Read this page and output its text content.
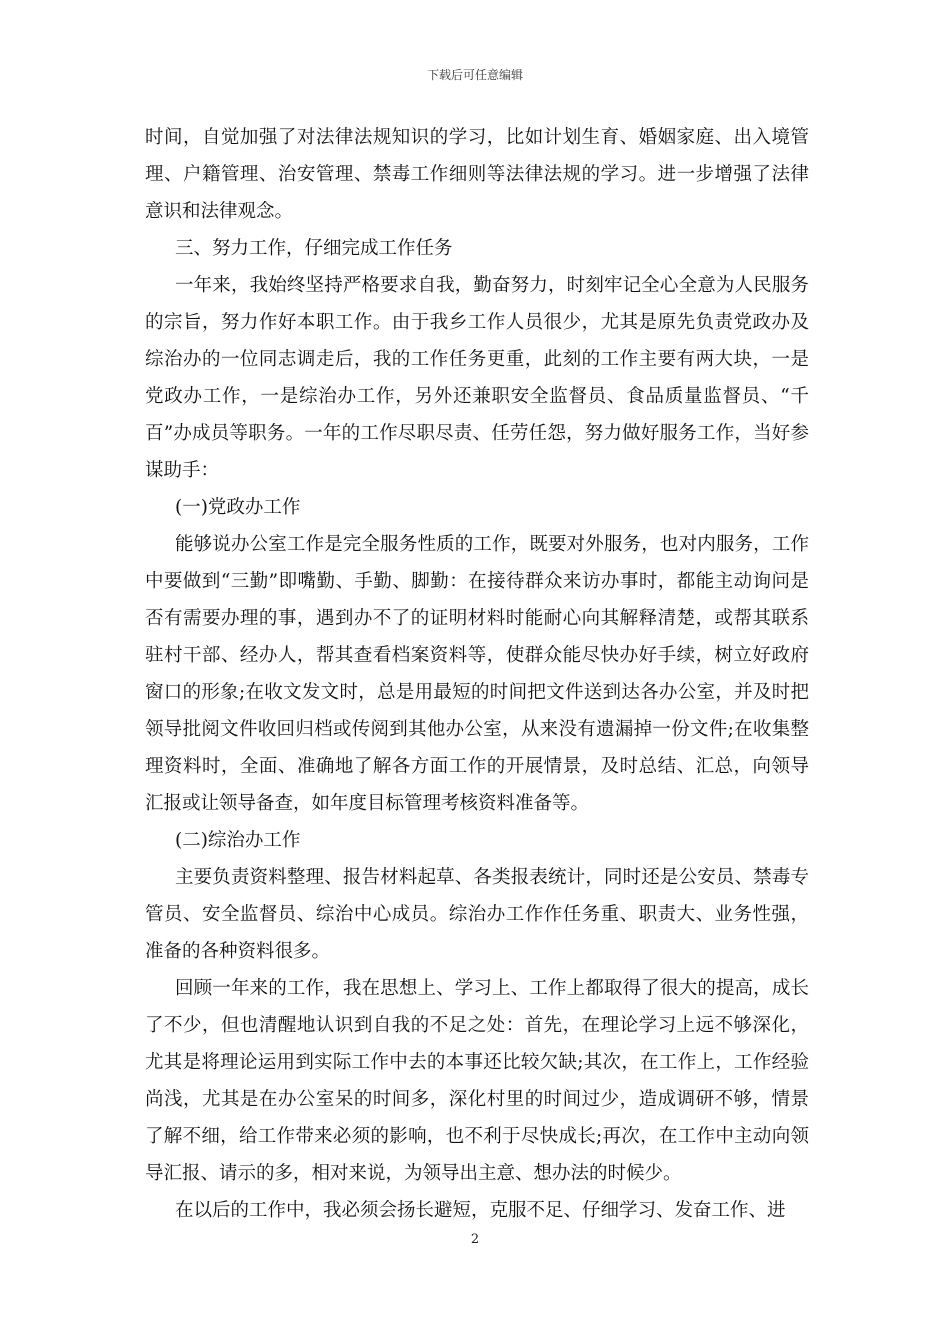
下载后可任意编辑

时间，自觉加强了对法律法规知识的学习，比如计划生育、婚姻家庭、出入境管理、户籍管理、治安管理、禁毒工作细则等法律法规的学习。进一步增强了法律意识和法律观念。

三、努力工作，仔细完成工作任务

一年来，我始终坚持严格要求自我，勤奋努力，时刻牢记全心全意为人民服务的宗旨，努力作好本职工作。由于我乡工作人员很少，尤其是原先负责党政办及综治办的一位同志调走后，我的工作任务更重，此刻的工作主要有两大块，一是党政办工作，一是综治办工作，另外还兼职安全监督员、食品质量监督员、“千百”办成员等职务。一年的工作尽职尽责、任劳任怨，努力做好服务工作，当好参谋助手：

(一)党政办工作

能够说办公室工作是完全服务性质的工作，既要对外服务，也对内服务，工作中要做到“三勤”即嘴勤、手勤、脚勤：在接待群众来访办事时，都能主动询问是否有需要办理的事，遇到办不了的证明材料时能耐心向其解释清楚，或帮其联系驻村干部、经办人，帮其查看档案资料等，使群众能尽快办好手续，树立好政府窗口的形象;在收文发文时，总是用最短的时间把文件送到达各办公室，并及时把领导批阅文件收回归档或传阅到其他办公室，从来没有遗漏掉一份文件;在收集整理资料时，全面、准确地了解各方面工作的开展情景，及时总结、汇总，向领导汇报或让领导备查，如年度目标管理考核资料准备等。

(二)综治办工作

主要负责资料整理、报告材料起草、各类报表统计，同时还是公安员、禁毒专管员、安全监督员、综治中心成员。综治办工作作任务重、职责大、业务性强，准备的各种资料很多。

回顾一年来的工作，我在思想上、学习上、工作上都取得了很大的提高，成长了不少，但也清醒地认识到自我的不足之处：首先，在理论学习上远不够深化，尤其是将理论运用到实际工作中去的本事还比较欠缺;其次，在工作上，工作经验尚浅，尤其是在办公室呆的时间多，深化村里的时间过少，造成调研不够，情景了解不细，给工作带来必须的影响，也不利于尽快成长;再次，在工作中主动向领导汇报、请示的多，相对来说，为领导出主意、想办法的时候少。

在以后的工作中，我必须会扬长避短，克服不足、仔细学习、发奋工作、进

2
